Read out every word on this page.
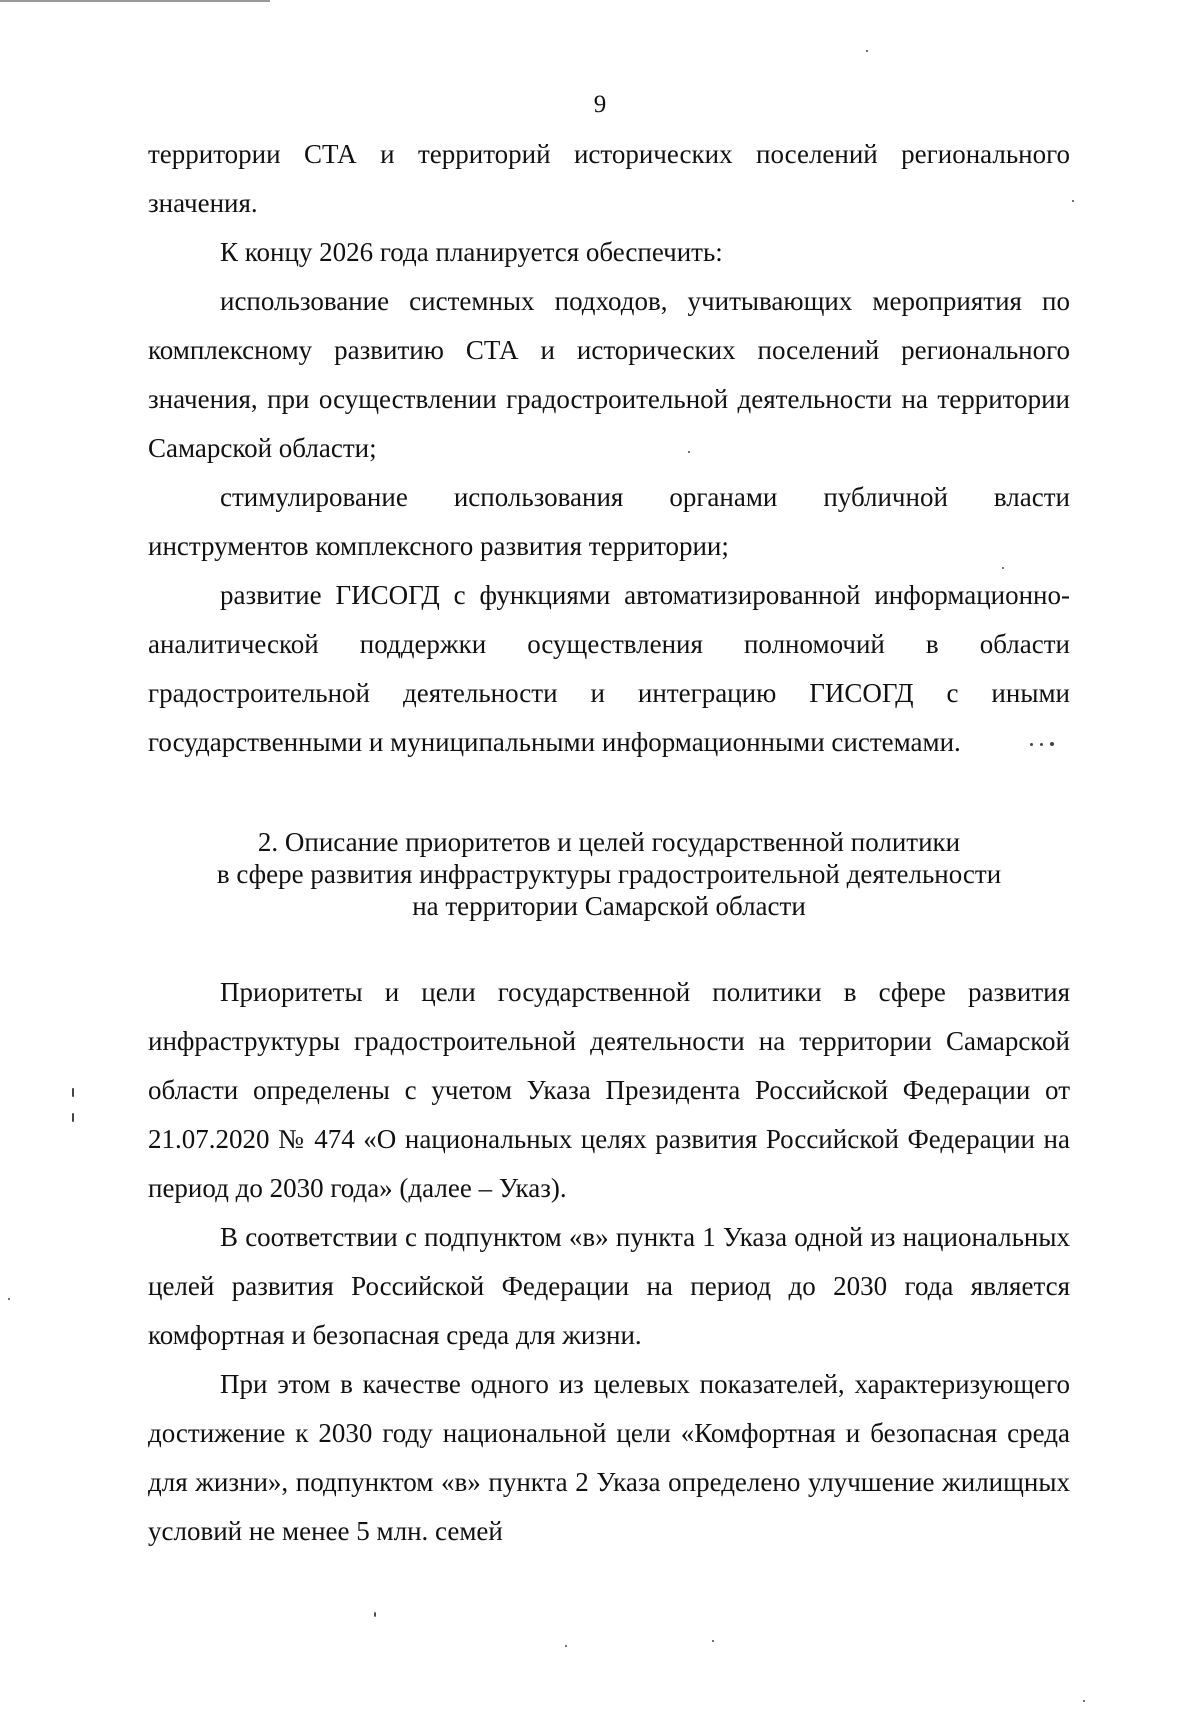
9

территории СТА и территорий исторических поселений регионального значения.

К концу 2026 года планируется обеспечить:

использование системных подходов, учитывающих мероприятия по комплексному развитию СТА и исторических поселений регионального значения, при осуществлении градостроительной деятельности на территории Самарской области;

стимулирование использования органами публичной власти инструментов комплексного развития территории;

развитие ГИСОГД с функциями автоматизированной информационно-аналитической поддержки осуществления полномочий в области градостроительной деятельности и интеграцию ГИСОГД с иными государственными и муниципальными информационными системами.

2. Описание приоритетов и целей государственной политики
в сфере развития инфраструктуры градостроительной деятельности
на территории Самарской области

Приоритеты и цели государственной политики в сфере развития инфраструктуры градостроительной деятельности на территории Самарской области определены с учетом Указа Президента Российской Федерации от 21.07.2020 № 474 «О национальных целях развития Российской Федерации на период до 2030 года» (далее – Указ).

В соответствии с подпунктом «в» пункта 1 Указа одной из национальных целей развития Российской Федерации на период до 2030 года является комфортная и безопасная среда для жизни.

При этом в качестве одного из целевых показателей, характеризующего достижение к 2030 году национальной цели «Комфортная и безопасная среда для жизни», подпунктом «в» пункта 2 Указа определено улучшение жилищных условий не менее 5 млн. семей
